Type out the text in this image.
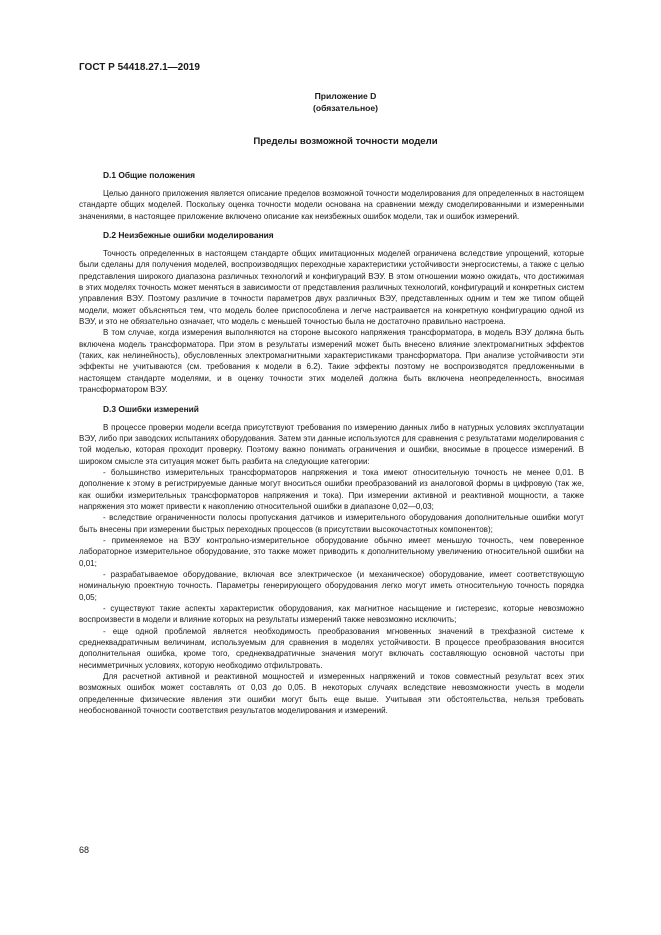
ГОСТ Р 54418.27.1—2019
Приложение D
(обязательное)
Пределы возможной точности модели
D.1 Общие положения

Целью данного приложения является описание пределов возможной точности моделирования для определенных в настоящем стандарте общих моделей. Поскольку оценка точности модели основана на сравнении между смоделированными и измеренными значениями, в настоящее приложение включено описание как неизбежных ошибок модели, так и ошибок измерений.

D.2 Неизбежные ошибки моделирования

Точность определенных в настоящем стандарте общих имитационных моделей ограничена вследствие упрощений, которые были сделаны для получения моделей, воспроизводящих переходные характеристики устойчивости энергосистемы, а также с целью представления широкого диапазона различных технологий и конфигураций ВЭУ. В этом отношении можно ожидать, что достижимая в этих моделях точность может меняться в зависимости от представления различных технологий, конфигураций и конкретных систем управления ВЭУ. Поэтому различие в точности параметров двух различных ВЭУ, представленных одним и тем же типом общей модели, может объясняться тем, что модель более приспособлена и легче настраивается на конкретную конфигурацию одной из ВЭУ, и это не обязательно означает, что модель с меньшей точностью была не достаточно правильно настроена.

В том случае, когда измерения выполняются на стороне высокого напряжения трансформатора, в модель ВЭУ должна быть включена модель трансформатора. При этом в результаты измерений может быть внесено влияние электромагнитных эффектов (таких, как нелинейность), обусловленных электромагнитными характеристиками трансформатора. При анализе устойчивости эти эффекты не учитываются (см. требования к модели в 6.2). Такие эффекты поэтому не воспроизводятся предложенными в настоящем стандарте моделями, и в оценку точности этих моделей должна быть включена неопределенность, вносимая трансформатором ВЭУ.

D.3 Ошибки измерений

В процессе проверки модели всегда присутствуют требования по измерению данных либо в натурных условиях эксплуатации ВЭУ, либо при заводских испытаниях оборудования. Затем эти данные используются для сравнения с результатами моделирования с той моделью, которая проходит проверку. Поэтому важно понимать ограничения и ошибки, вносимые в процессе измерений. В широком смысле эта ситуация может быть разбита на следующие категории:

- большинство измерительных трансформаторов напряжения и тока имеют относительную точность не менее 0,01. В дополнение к этому в регистрируемые данные могут вноситься ошибки преобразований из аналоговой формы в цифровую (так же, как ошибки измерительных трансформаторов напряжения и тока). При измерении активной и реактивной мощности, а также напряжения это может привести к накоплению относительной ошибки в диапазоне 0,02—0,03;

- вследствие ограниченности полосы пропускания датчиков и измерительного оборудования дополнительные ошибки могут быть внесены при измерении быстрых переходных процессов (в присутствии высокочастотных компонентов);

- применяемое на ВЭУ контрольно-измерительное оборудование обычно имеет меньшую точность, чем поверенное лабораторное измерительное оборудование, это также может приводить к дополнительному увеличению относительной ошибки на 0,01;

- разрабатываемое оборудование, включая все электрическое (и механическое) оборудование, имеет соответствующую номинальную проектную точность. Параметры генерирующего оборудования легко могут иметь относительную точность порядка 0,05;

- существуют такие аспекты характеристик оборудования, как магнитное насыщение и гистерезис, которые невозможно воспроизвести в модели и влияние которых на результаты измерений также невозможно исключить;

- еще одной проблемой является необходимость преобразования мгновенных значений в трехфазной системе к среднеквадратичным величинам, используемым для сравнения в моделях устойчивости. В процессе преобразования вносится дополнительная ошибка, кроме того, среднеквадратичные значения могут включать составляющую основной частоты при несимметричных условиях, которую необходимо отфильтровать.

Для расчетной активной и реактивной мощностей и измеренных напряжений и токов совместный результат всех этих возможных ошибок может составлять от 0,03 до 0,05. В некоторых случаях вследствие невозможности учесть в модели определенные физические явления эти ошибки могут быть еще выше. Учитывая эти обстоятельства, нельзя требовать необоснованной точности соответствия результатов моделирования и измерений.

68
